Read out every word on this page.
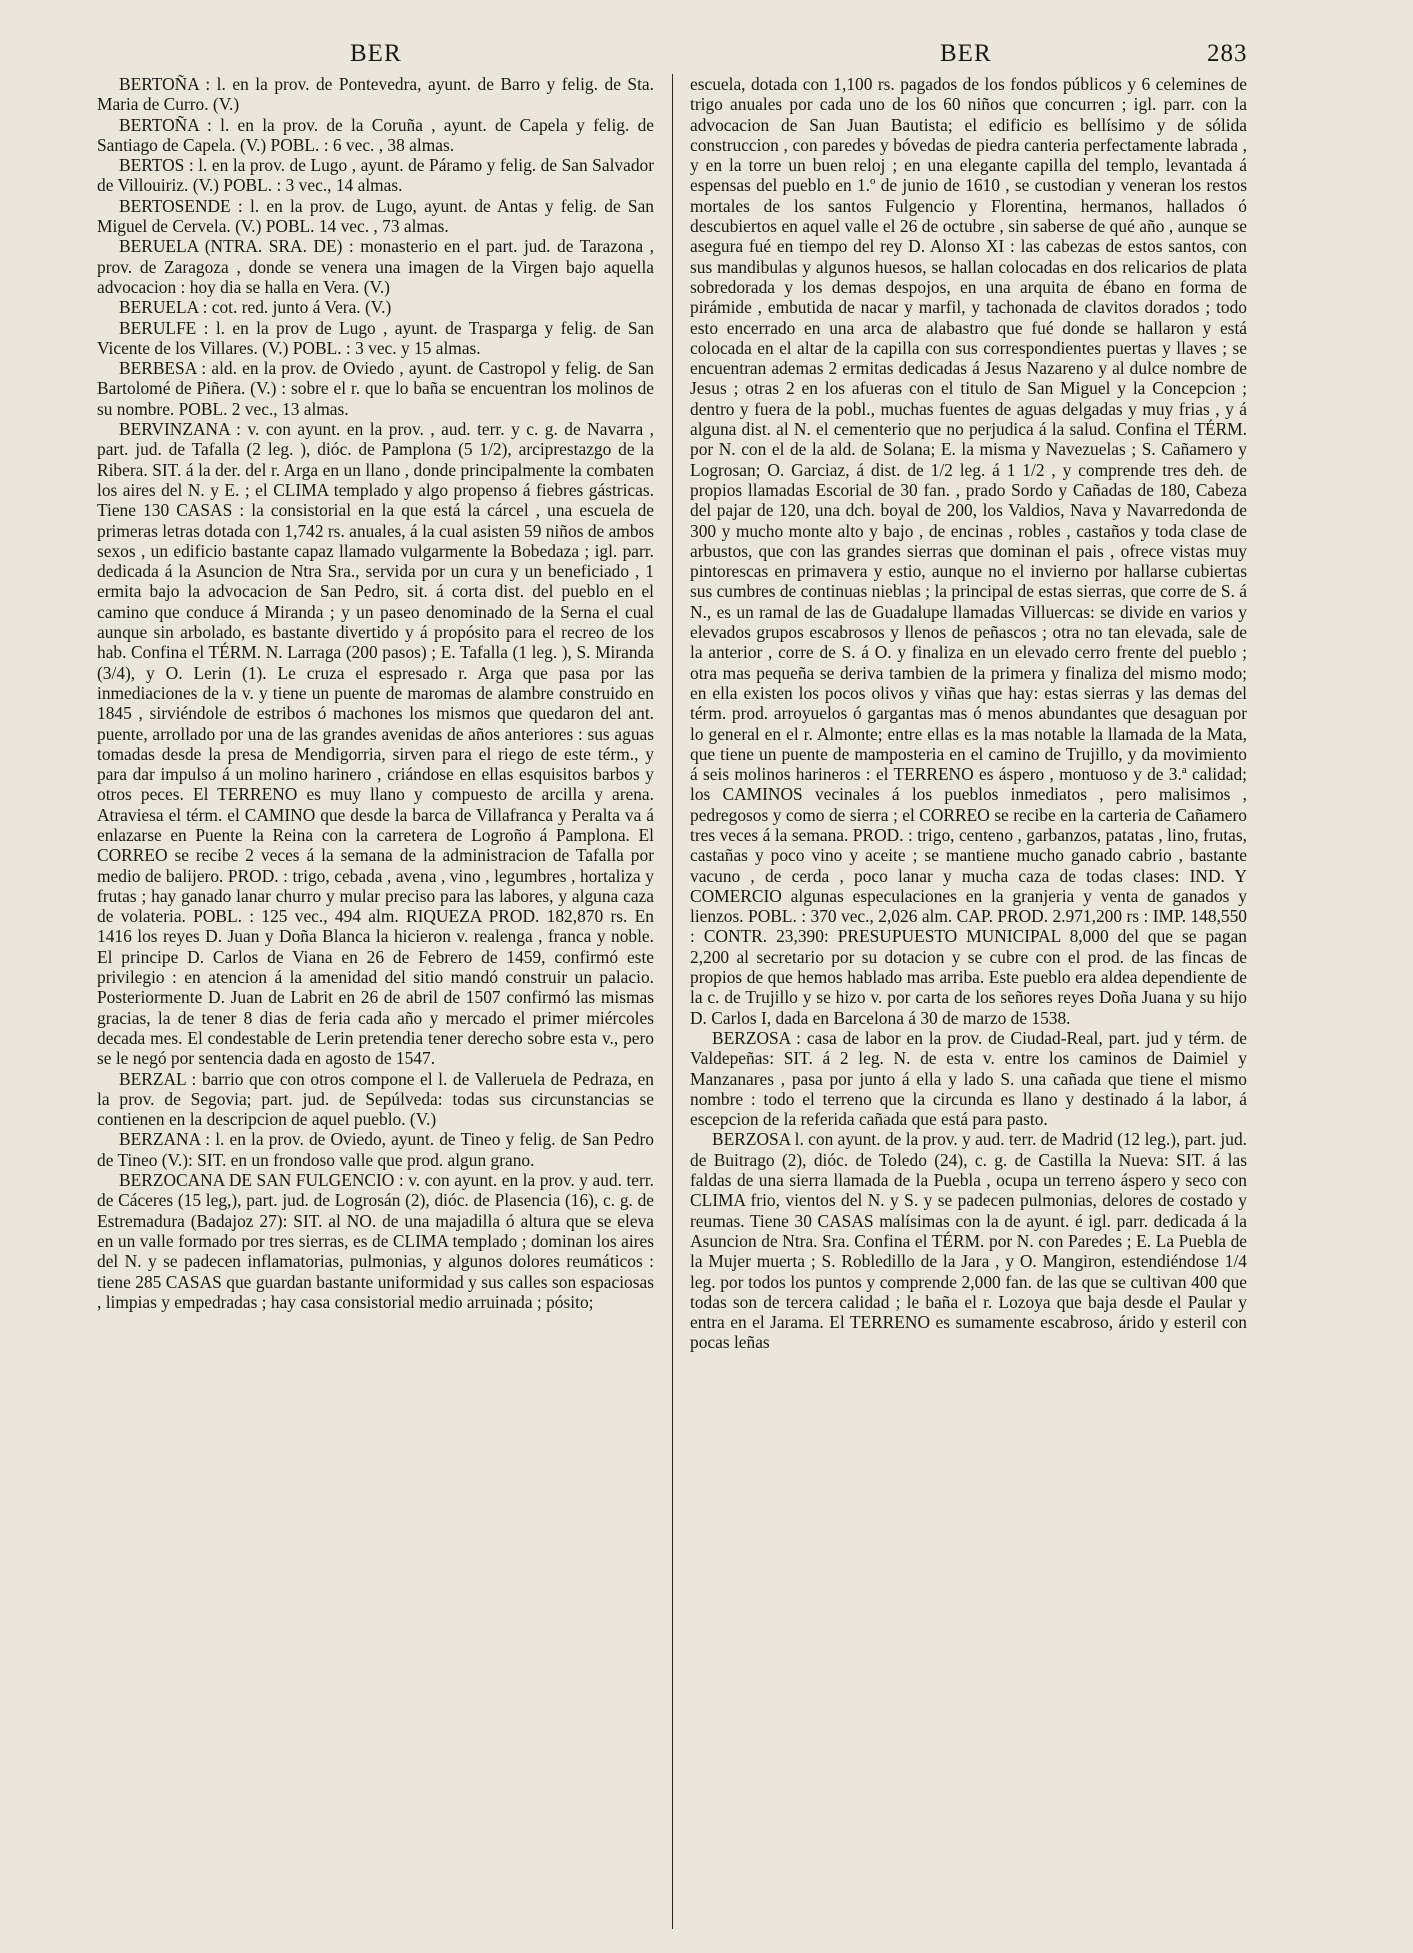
BER	BER	283

BERTOÑA : l. en la prov. de Pontevedra, ayunt. de Barro y felig. de Sta. Maria de Curro. (V.)

BERTOÑA : l. en la prov. de la Coruña , ayunt. de Capela y felig. de Santiago de Capela. (V.) POBL. : 6 vec. , 38 almas.

BERTOS : l. en la prov. de Lugo , ayunt. de Páramo y felig. de San Salvador de Villouiriz. (V.) POBL. : 3 vec., 14 almas.

BERTOSENDE : l. en la prov. de Lugo, ayunt. de Antas y felig. de San Miguel de Cervela. (V.) POBL. 14 vec. , 73 almas.

BERUELA (NTRA. SRA. DE) : monasterio en el part. jud. de Tarazona , prov. de Zaragoza , donde se venera una imagen de la Virgen bajo aquella advocacion : hoy dia se halla en Vera. (V.)

BERUELA : cot. red. junto á Vera. (V.)

BERULFE : l. en la prov de Lugo , ayunt. de Trasparga y felig. de San Vicente de los Villares. (V.) POBL. : 3 vec. y 15 almas.

BERBESA : ald. en la prov. de Oviedo , ayunt. de Castropol y felig. de San Bartolomé de Piñera. (V.) : sobre el r. que lo baña se encuentran los molinos de su nombre. POBL. 2 vec., 13 almas.

BERVINZANA : v. con ayunt. en la prov. , aud. terr. y c. g. de Navarra , part. jud. de Tafalla (2 leg. ), dióc. de Pamplona (5 1/2), arciprestazgo de la Ribera. SIT. á la der. del r. Arga en un llano , donde principalmente la combaten los aires del N. y E. ; el CLIMA templado y algo propenso á fiebres gástricas. Tiene 130 CASAS : la consistorial en la que está la cárcel , una escuela de primeras letras dotada con 1,742 rs. anuales, á la cual asisten 59 niños de ambos sexos , un edificio bastante capaz llamado vulgarmente la Bobedaza ; igl. parr. dedicada á la Asuncion de Ntra Sra., servida por un cura y un beneficiado , 1 ermita bajo la advocacion de San Pedro, sit. á corta dist. del pueblo en el camino que conduce á Miranda ; y un paseo denominado de la Serna el cual aunque sin arbolado, es bastante divertido y á propósito para el recreo de los hab. Confina el TÉRM. N. Larraga (200 pasos) ; E. Tafalla (1 leg. ), S. Miranda (3/4), y O. Lerin (1). Le cruza el espresado r. Arga que pasa por las inmediaciones de la v. y tiene un puente de maromas de alambre construido en 1845 , sirviéndole de estribos ó machones los mismos que quedaron del ant. puente, arrollado por una de las grandes avenidas de años anteriores : sus aguas tomadas desde la presa de Mendigorria, sirven para el riego de este térm., y para dar impulso á un molino harinero , criándose en ellas esquisitos barbos y otros peces. El TERRENO es muy llano y compuesto de arcilla y arena. Atraviesa el térm. el CAMINO que desde la barca de Villafranca y Peralta va á enlazarse en Puente la Reina con la carretera de Logroño á Pamplona. El CORREO se recibe 2 veces á la semana de la administracion de Tafalla por medio de balijero. PROD. : trigo, cebada , avena , vino , legumbres , hortaliza y frutas ; hay ganado lanar churro y mular preciso para las labores, y alguna caza de volateria. POBL. : 125 vec., 494 alm. RIQUEZA PROD. 182,870 rs. En 1416 los reyes D. Juan y Doña Blanca la hicieron v. realenga , franca y noble. El principe D. Carlos de Viana en 26 de Febrero de 1459, confirmó este privilegio : en atencion á la amenidad del sitio mandó construir un palacio. Posteriormente D. Juan de Labrit en 26 de abril de 1507 confirmó las mismas gracias, la de tener 8 dias de feria cada año y mercado el primer miércoles decada mes. El condestable de Lerin pretendia tener derecho sobre esta v., pero se le negó por sentencia dada en agosto de 1547.

BERZAL : barrio que con otros compone el l. de Valleruela de Pedraza, en la prov. de Segovia; part. jud. de Sepúlveda: todas sus circunstancias se contienen en la descripcion de aquel pueblo. (V.)

BERZANA : l. en la prov. de Oviedo, ayunt. de Tineo y felig. de San Pedro de Tineo (V.): SIT. en un frondoso valle que prod. algun grano.

BERZOCANA DE SAN FULGENCIO : v. con ayunt. en la prov. y aud. terr. de Cáceres (15 leg,), part. jud. de Logrosán (2), dióc. de Plasencia (16), c. g. de Estremadura (Badajoz 27): SIT. al NO. de una majadilla ó altura que se eleva en un valle formado por tres sierras, es de CLIMA templado ; dominan los aires del N. y se padecen inflamatorias, pulmonias, y algunos dolores reumáticos : tiene 285 CASAS que guardan bastante uniformidad y sus calles son espaciosas , limpias y empedradas ; hay casa consistorial medio arruinada ; pósito;

escuela, dotada con 1,100 rs. pagados de los fondos públicos y 6 celemines de trigo anuales por cada uno de los 60 niños que concurren ; igl. parr. con la advocacion de San Juan Bautista; el edificio es bellísimo y de sólida construccion , con paredes y bóvedas de piedra canteria perfectamente labrada , y en la torre un buen reloj ; en una elegante capilla del templo, levantada á espensas del pueblo en 1.º de junio de 1610 , se custodian y veneran los restos mortales de los santos Fulgencio y Florentina, hermanos, hallados ó descubiertos en aquel valle el 26 de octubre , sin saberse de qué año , aunque se asegura fué en tiempo del rey D. Alonso XI : las cabezas de estos santos, con sus mandibulas y algunos huesos, se hallan colocadas en dos relicarios de plata sobredorada y los demas despojos, en una arquita de ébano en forma de pirámide , embutida de nacar y marfil, y tachonada de clavitos dorados ; todo esto encerrado en una arca de alabastro que fué donde se hallaron y está colocada en el altar de la capilla con sus correspondientes puertas y llaves ; se encuentran ademas 2 ermitas dedicadas á Jesus Nazareno y al dulce nombre de Jesus ; otras 2 en los afueras con el titulo de San Miguel y la Concepcion ; dentro y fuera de la pobl., muchas fuentes de aguas delgadas y muy frias , y á alguna dist. al N. el cementerio que no perjudica á la salud. Confina el TÉRM. por N. con el de la ald. de Solana; E. la misma y Navezuelas ; S. Cañamero y Logrosan; O. Garciaz, á dist. de 1/2 leg. á 1 1/2 , y comprende tres deh. de propios llamadas Escorial de 30 fan. , prado Sordo y Cañadas de 180, Cabeza del pajar de 120, una dch. boyal de 200, los Valdios, Nava y Navarredonda de 300 y mucho monte alto y bajo , de encinas , robles , castaños y toda clase de arbustos, que con las grandes sierras que dominan el pais , ofrece vistas muy pintorescas en primavera y estio, aunque no el invierno por hallarse cubiertas sus cumbres de continuas nieblas ; la principal de estas sierras, que corre de S. á N., es un ramal de las de Guadalupe llamadas Villuercas: se divide en varios y elevados grupos escabrosos y llenos de peñascos ; otra no tan elevada, sale de la anterior , corre de S. á O. y finaliza en un elevado cerro frente del pueblo ; otra mas pequeña se deriva tambien de la primera y finaliza del mismo modo; en ella existen los pocos olivos y viñas que hay: estas sierras y las demas del térm. prod. arroyuelos ó gargantas mas ó menos abundantes que desaguan por lo general en el r. Almonte; entre ellas es la mas notable la llamada de la Mata, que tiene un puente de mamposteria en el camino de Trujillo, y da movimiento á seis molinos harineros : el TERRENO es áspero , montuoso y de 3.ª calidad; los CAMINOS vecinales á los pueblos inmediatos , pero malisimos , pedregosos y como de sierra ; el CORREO se recibe en la carteria de Cañamero tres veces á la semana. PROD. : trigo, centeno , garbanzos, patatas , lino, frutas, castañas y poco vino y aceite ; se mantiene mucho ganado cabrio , bastante vacuno , de cerda , poco lanar y mucha caza de todas clases: IND. Y COMERCIO algunas especulaciones en la granjeria y venta de ganados y lienzos. POBL. : 370 vec., 2,026 alm. CAP. PROD. 2.971,200 rs : IMP. 148,550 : CONTR. 23,390: PRESUPUESTO MUNICIPAL 8,000 del que se pagan 2,200 al secretario por su dotacion y se cubre con el prod. de las fincas de propios de que hemos hablado mas arriba. Este pueblo era aldea dependiente de la c. de Trujillo y se hizo v. por carta de los señores reyes Doña Juana y su hijo D. Carlos I, dada en Barcelona á 30 de marzo de 1538.

BERZOSA : casa de labor en la prov. de Ciudad-Real, part. jud y térm. de Valdepeñas: SIT. á 2 leg. N. de esta v. entre los caminos de Daimiel y Manzanares , pasa por junto á ella y lado S. una cañada que tiene el mismo nombre : todo el terreno que la circunda es llano y destinado á la labor, á escepcion de la referida cañada que está para pasto.

BERZOSA l. con ayunt. de la prov. y aud. terr. de Madrid (12 leg.), part. jud. de Buitrago (2), dióc. de Toledo (24), c. g. de Castilla la Nueva: SIT. á las faldas de una sierra llamada de la Puebla , ocupa un terreno áspero y seco con CLIMA frio, vientos del N. y S. y se padecen pulmonias, delores de costado y reumas. Tiene 30 CASAS malísimas con la de ayunt. é igl. parr. dedicada á la Asuncion de Ntra. Sra. Confina el TÉRM. por N. con Paredes ; E. La Puebla de la Mujer muerta ; S. Robledillo de la Jara , y O. Mangiron, estendiéndose 1/4 leg. por todos los puntos y comprende 2,000 fan. de las que se cultivan 400 que todas son de tercera calidad ; le baña el r. Lozoya que baja desde el Paular y entra en el Jarama. El TERRENO es sumamente escabroso, árido y esteril con pocas leñas
